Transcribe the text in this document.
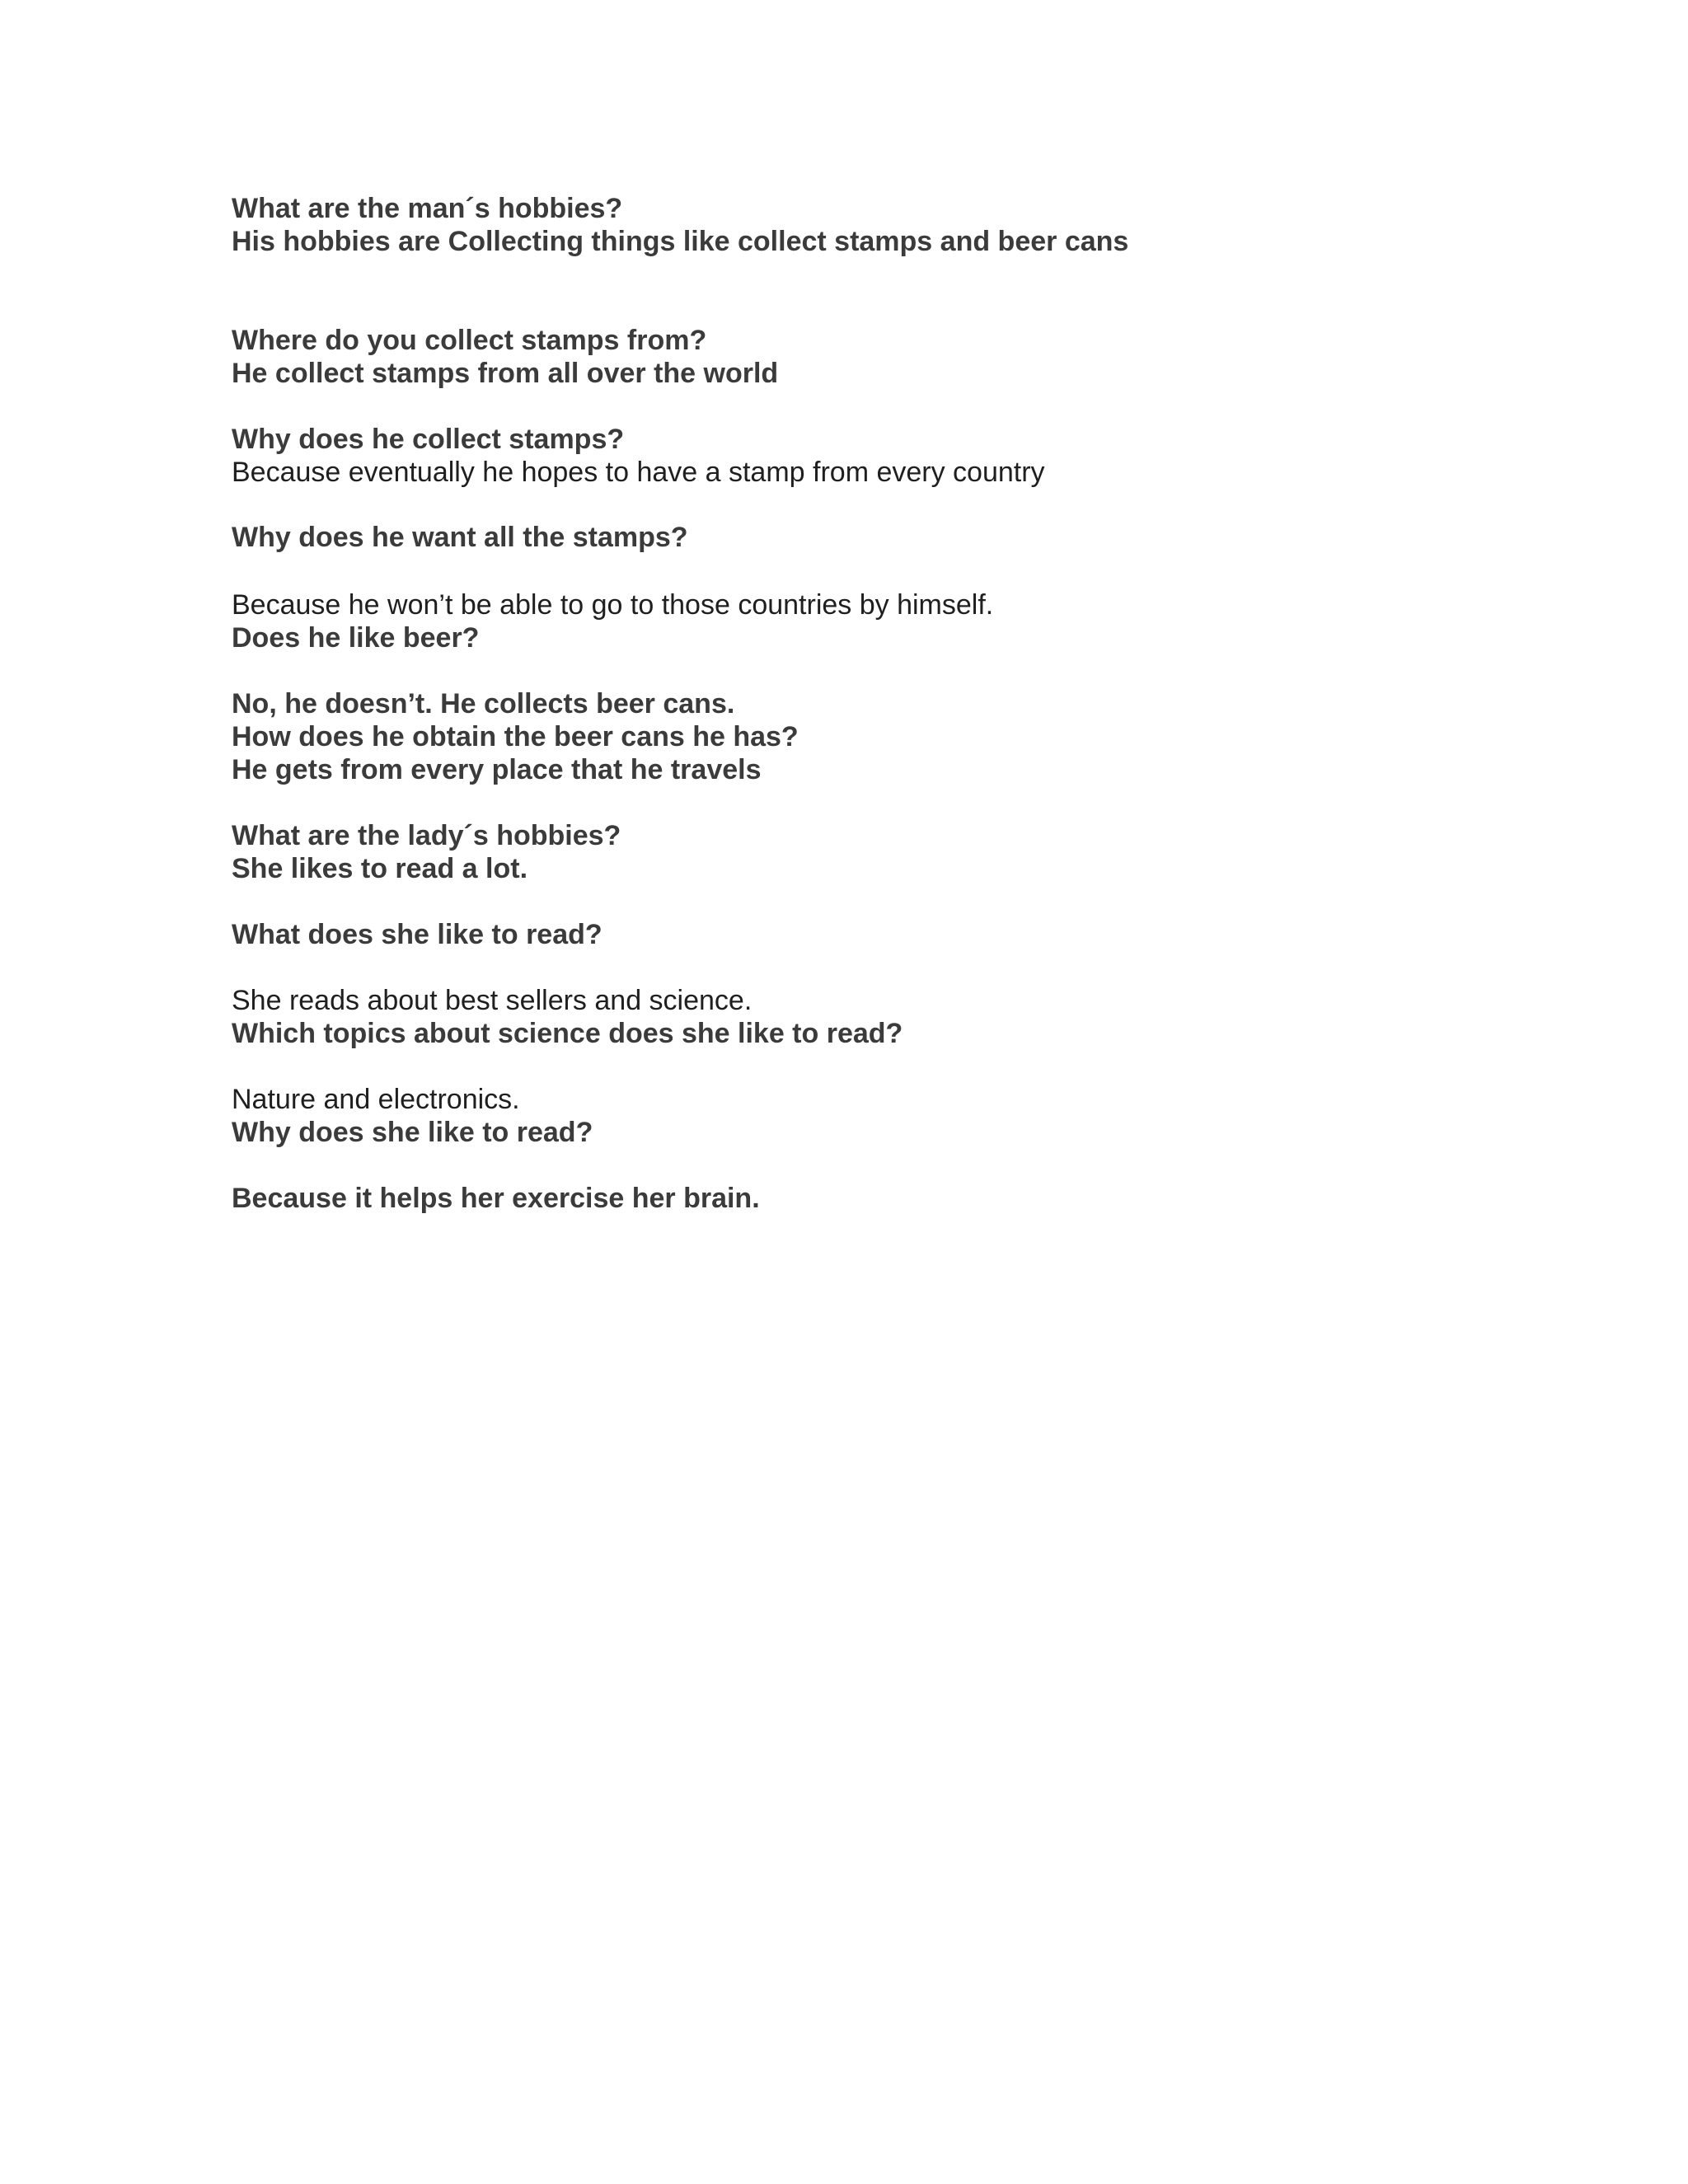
What are the man´s hobbies?

His hobbies are Collecting things like collect stamps and beer cans

Where do you collect stamps from?

He collect stamps from all over the world

Why does he collect stamps?

Because eventually he hopes to have a stamp from every country

Why does he want all the stamps?

Because he won’t be able to go to those countries by himself.

Does he like beer?

No, he doesn’t. He collects beer cans.

How does he obtain the beer cans he has?

He gets from every place that he travels

What are the lady´s hobbies?

She likes to read a lot.

What does she like to read?

She reads about best sellers and science.

Which topics about science does she like to read?

Nature and electronics.

Why does she like to read?

Because it helps her exercise her brain.
